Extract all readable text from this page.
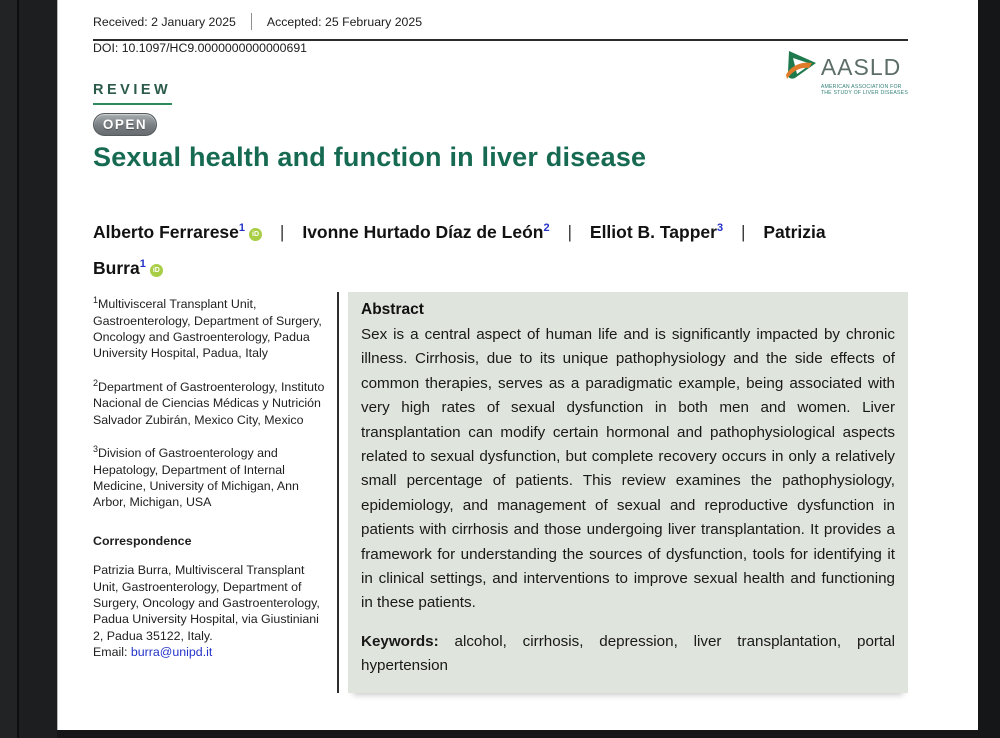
Received: 2 January 2025	Accepted: 25 February 2025
DOI: 10.1097/HC9.0000000000000691
AASLD
AMERICAN ASSOCIATION FOR
THE STUDY OF LIVER DISEASES
REVIEW
OPEN
Sexual health and function in liver disease
Alberto Ferrarese$^1$iD | Ivonne Hurtado Díaz de León$^2$ | Elliot B. Tapper$^3$ | Patrizia Burra$^1$iD

$^1$Multivisceral Transplant Unit, Gastroenterology, Department of Surgery, Oncology and Gastroenterology, Padua University Hospital, Padua, Italy

$^2$Department of Gastroenterology, Instituto Nacional de Ciencias Médicas y Nutrición Salvador Zubirán, Mexico City, Mexico

$^3$Division of Gastroenterology and Hepatology, Department of Internal Medicine, University of Michigan, Ann Arbor, Michigan, USA

Correspondence

Patrizia Burra, Multivisceral Transplant Unit, Gastroenterology, Department of Surgery, Oncology and Gastroenterology, Padua University Hospital, via Giustiniani 2, Padua 35122, Italy.
Email: burra@unipd.it

Abstract
Sex is a central aspect of human life and is significantly impacted by chronic illness. Cirrhosis, due to its unique pathophysiology and the side effects of common therapies, serves as a paradigmatic example, being associated with very high rates of sexual dysfunction in both men and women. Liver transplantation can modify certain hormonal and pathophysiological aspects related to sexual dysfunction, but complete recovery occurs in only a relatively small percentage of patients. This review examines the pathophysiology, epidemiology, and management of sexual and reproductive dysfunction in patients with cirrhosis and those undergoing liver transplantation. It provides a framework for understanding the sources of dysfunction, tools for identifying it in clinical settings, and interventions to improve sexual health and functioning in these patients.
Keywords: alcohol, cirrhosis, depression, liver transplantation, portal hypertension
